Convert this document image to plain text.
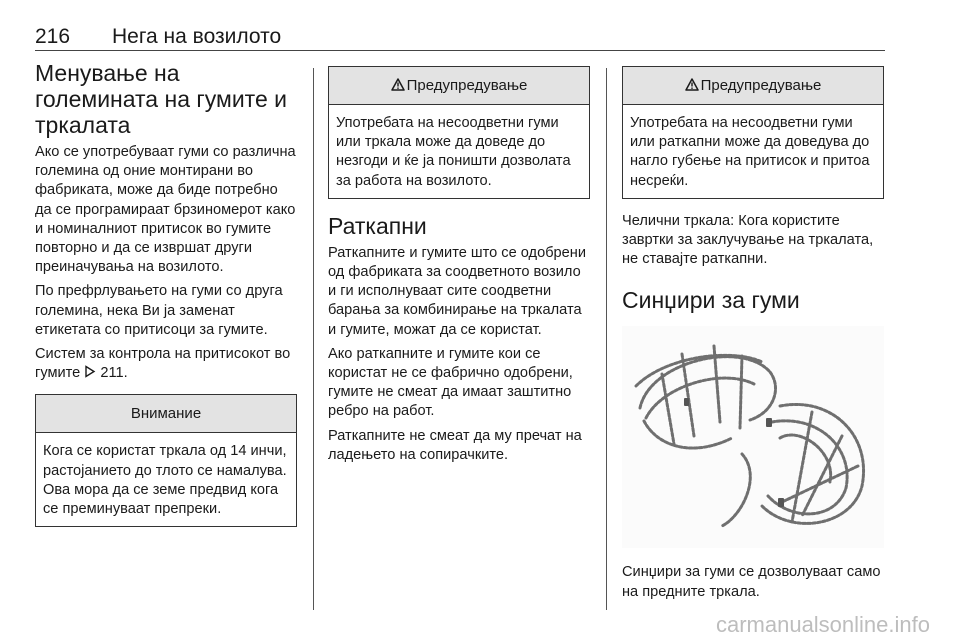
216 Нега на возилото
Менување на големината на гумите и тркалата

Ако се употребуваат гуми со различна големина од оние монтирани во фабриката, може да биде потребно да се програмираат брзиномерот како и номиналниот притисок во гумите повторно и да се извршат други преиначувања на возилото.

По префрлувањето на гуми со друга големина, нека Ви ја заменат етикетата со притисоци за гумите.

Систем за контрола на притисокот во гумите 211.

Внимание
Кога се користат тркала од 14 инчи, растојанието до тлото се намалува. Ова мора да се земе предвид кога се преминуваат препреки.
Предупредување
Употребата на несоодветни гуми или тркала може да доведе до незгоди и ќе ја поништи дозволата за работа на возилото.
Раткапни

Раткапните и гумите што се одобрени од фабриката за соодветното возило и ги исполнуваат сите соодветни барања за комбинирање на тркалата и гумите, можат да се користат.

Ако раткапните и гумите кои се користат не се фабрично одобрени, гумите не смеат да имаат заштитно ребро на работ.

Раткапните не смеат да му пречат на ладењето на сопирачките.

Предупредување
Употребата на несоодветни гуми или раткапни може да доведува до нагло губење на притисок и притоа несреќи.

Челични тркала: Кога користите завртки за заклучување на тркалата, не ставајте раткапни.

Синџири за гуми

Синџири за гуми се дозволуваат само на предните тркала.

carmanualsonline.info
